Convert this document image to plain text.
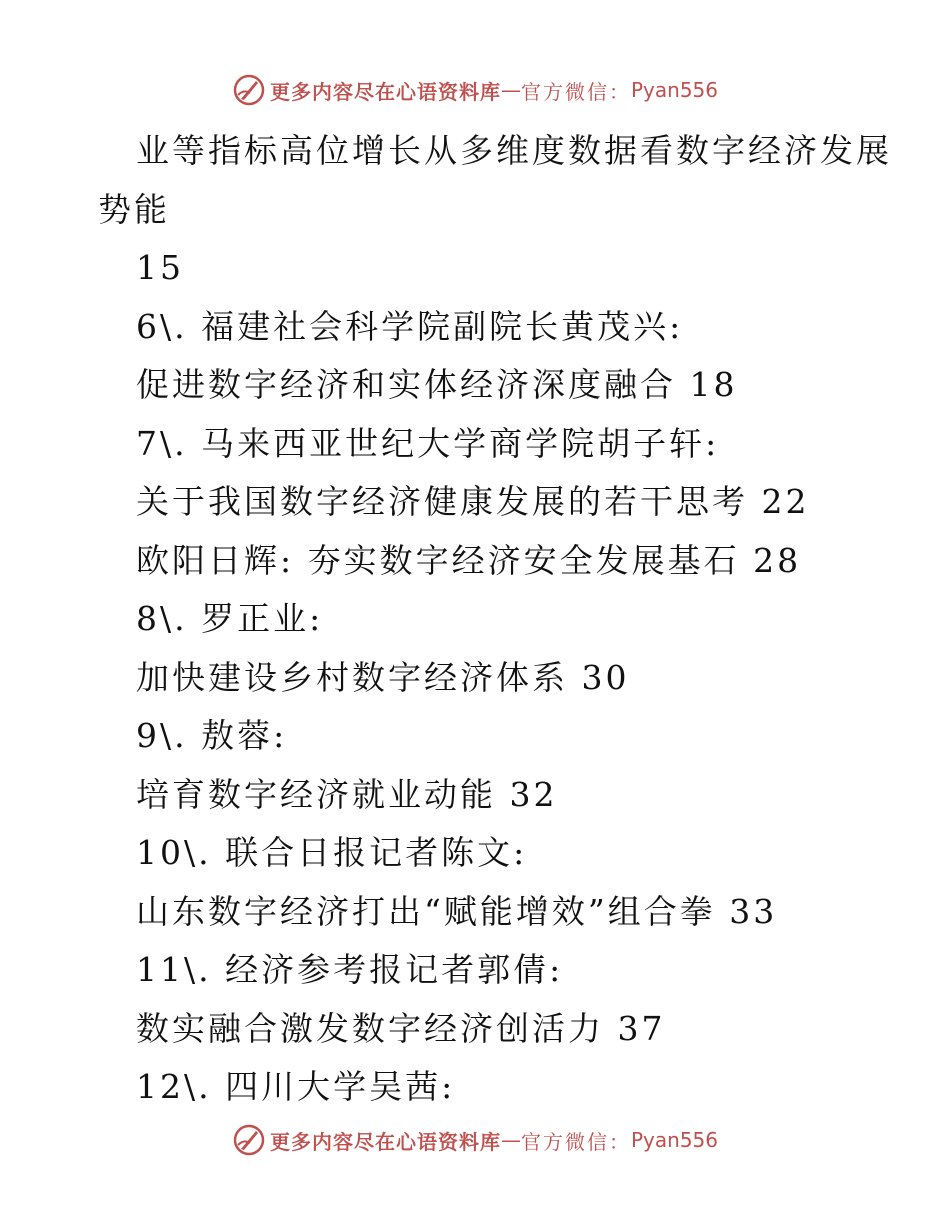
更多内容尽在心语资料库 — 官方微信： Pyan556
业等指标高位增长从多维度数据看数字经济发展
势能
15
6\. 福建社会科学院副院长黄茂兴:
促进数字经济和实体经济深度融合 18
7\. 马来西亚世纪大学商学院胡子轩:
关于我国数字经济健康发展的若干思考 22
欧阳日辉: 夯实数字经济安全发展基石 28
8\. 罗正业:
加快建设乡村数字经济体系 30
9\. 敖蓉:
培育数字经济就业动能 32
10\. 联合日报记者陈文:
山东数字经济打出“赋能增效”组合拳 33
11\. 经济参考报记者郭倩:
数实融合激发数字经济创活力 37
12\. 四川大学吴茜:
更多内容尽在心语资料库 — 官方微信： Pyan556
